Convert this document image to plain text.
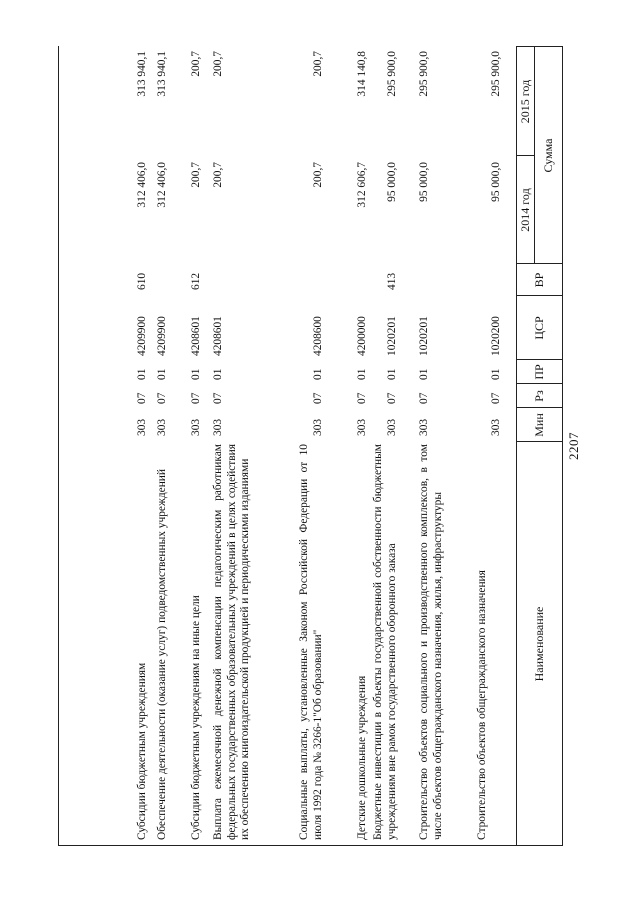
2207
Наименование
Мин
Рз
ПР
ЦСР
ВР
Сумма
2014 год
2015 год
Строительство объектов общегражданского назначения
303
07
01
1020200
95 000,0
295 900,0
Строительство объектов социального и производственного комплексов, в том числе объектов общегражданского назначения, жилья, инфраструктуры
303
07
01
1020201
95 000,0
295 900,0
Бюджетные инвестиции в объекты государственной собственности бюджетным учреждениям вне рамок государственного оборонного заказа
303
07
01
1020201
413
95 000,0
295 900,0
Детские дошкольные учреждения
303
07
01
4200000
312 606,7
314 140,8
Социальные выплаты, установленные Законом Российской Федерации от 10 июля 1992 года № 3266-1"Об образовании"
303
07
01
4208600
200,7
200,7
Выплата ежемесячной денежной компенсации педагогическим работникам федеральных государственных образовательных учреждений в целях содействия их обеспечению книгоиздательской продукцией и периодическими изданиями
303
07
01
4208601
200,7
200,7
Субсидии бюджетным учреждениям на иные цели
303
07
01
4208601
612
200,7
200,7
Обеспечение деятельности (оказание услуг) подведомственных учреждений
303
07
01
4209900
312 406,0
313 940,1
Субсидии бюджетным учреждениям
303
07
01
4209900
610
312 406,0
313 940,1
